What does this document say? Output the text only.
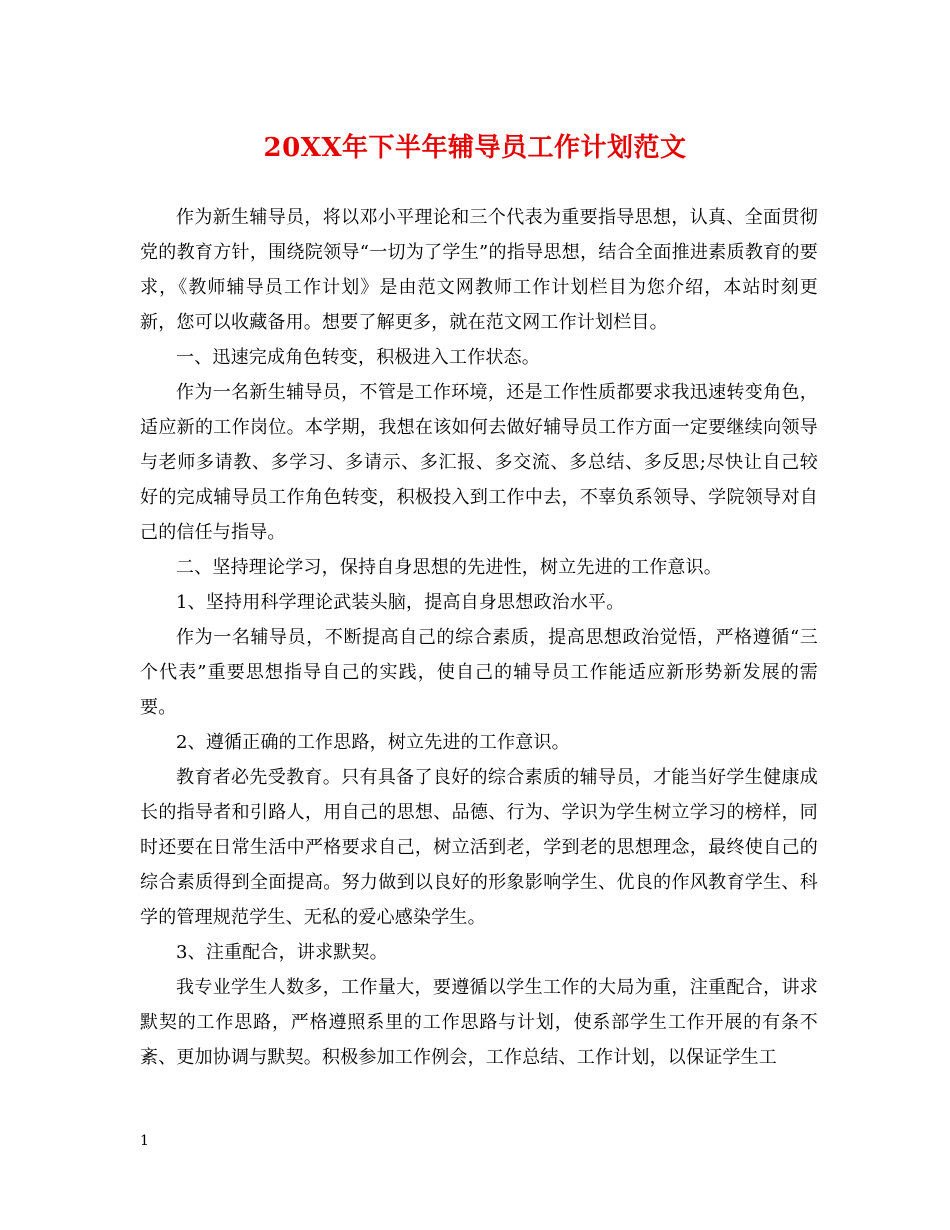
20XX年下半年辅导员工作计划范文

作为新生辅导员，将以邓小平理论和三个代表为重要指导思想，认真、全面贯彻党的教育方针，围绕院领导“一切为了学生”的指导思想，结合全面推进素质教育的要求，《教师辅导员工作计划》是由范文网教师工作计划栏目为您介绍，本站时刻更新，您可以收藏备用。想要了解更多，就在范文网工作计划栏目。

一、迅速完成角色转变，积极进入工作状态。

作为一名新生辅导员，不管是工作环境，还是工作性质都要求我迅速转变角色，适应新的工作岗位。本学期，我想在该如何去做好辅导员工作方面一定要继续向领导与老师多请教、多学习、多请示、多汇报、多交流、多总结、多反思;尽快让自己较好的完成辅导员工作角色转变，积极投入到工作中去，不辜负系领导、学院领导对自己的信任与指导。

二、坚持理论学习，保持自身思想的先进性，树立先进的工作意识。

1、坚持用科学理论武装头脑，提高自身思想政治水平。

作为一名辅导员，不断提高自己的综合素质，提高思想政治觉悟，严格遵循“三个代表”重要思想指导自己的实践，使自己的辅导员工作能适应新形势新发展的需要。

2、遵循正确的工作思路，树立先进的工作意识。

教育者必先受教育。只有具备了良好的综合素质的辅导员，才能当好学生健康成长的指导者和引路人，用自己的思想、品德、行为、学识为学生树立学习的榜样，同时还要在日常生活中严格要求自己，树立活到老，学到老的思想理念，最终使自己的综合素质得到全面提高。努力做到以良好的形象影响学生、优良的作风教育学生、科学的管理规范学生、无私的爱心感染学生。

3、注重配合，讲求默契。

我专业学生人数多，工作量大，要遵循以学生工作的大局为重，注重配合，讲求默契的工作思路，严格遵照系里的工作思路与计划，使系部学生工作开展的有条不紊、更加协调与默契。积极参加工作例会，工作总结、工作计划，以保证学生工

1
